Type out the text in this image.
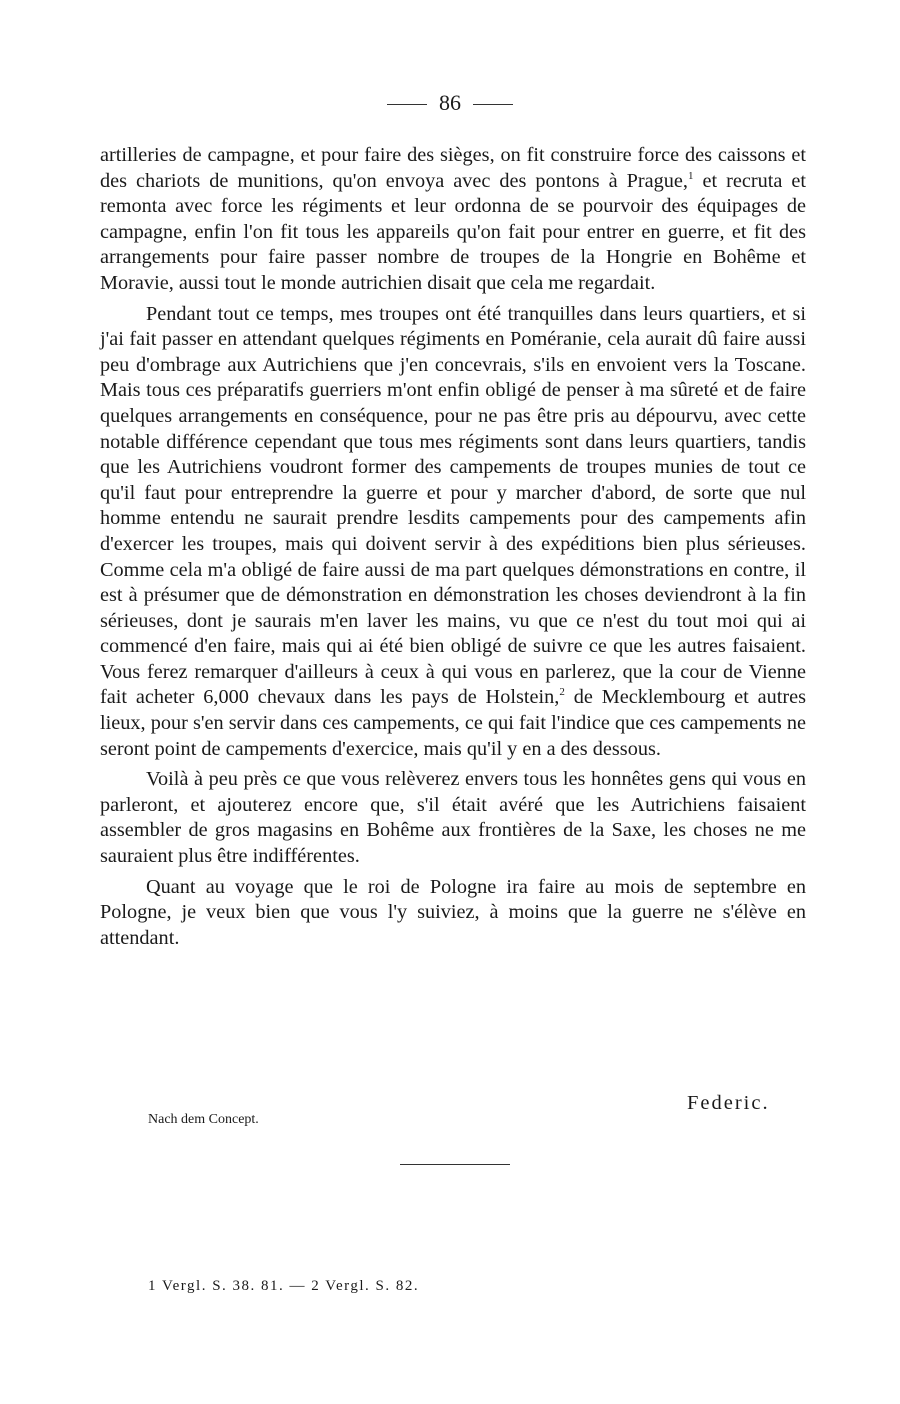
86

artilleries de campagne, et pour faire des sièges, on fit construire force des caissons et des chariots de munitions, qu'on envoya avec des pontons à Prague,$^1$ et recruta et remonta avec force les régiments et leur ordonna de se pourvoir des équipages de campagne, enfin l'on fit tous les appareils qu'on fait pour entrer en guerre, et fit des arrangements pour faire passer nombre de troupes de la Hongrie en Bohême et Moravie, aussi tout le monde autrichien disait que cela me regardait.

Pendant tout ce temps, mes troupes ont été tranquilles dans leurs quartiers, et si j'ai fait passer en attendant quelques régiments en Poméranie, cela aurait dû faire aussi peu d'ombrage aux Autrichiens que j'en concevrais, s'ils en envoient vers la Toscane. Mais tous ces préparatifs guerriers m'ont enfin obligé de penser à ma sûreté et de faire quelques arrangements en conséquence, pour ne pas être pris au dépourvu, avec cette notable différence cependant que tous mes régiments sont dans leurs quartiers, tandis que les Autrichiens voudront former des campements de troupes munies de tout ce qu'il faut pour entreprendre la guerre et pour y marcher d'abord, de sorte que nul homme entendu ne saurait prendre lesdits campements pour des campements afin d'exercer les troupes, mais qui doivent servir à des expéditions bien plus sérieuses. Comme cela m'a obligé de faire aussi de ma part quelques démonstrations en contre, il est à présumer que de démonstration en démonstration les choses deviendront à la fin sérieuses, dont je saurais m'en laver les mains, vu que ce n'est du tout moi qui ai commencé d'en faire, mais qui ai été bien obligé de suivre ce que les autres faisaient. Vous ferez remarquer d'ailleurs à ceux à qui vous en parlerez, que la cour de Vienne fait acheter 6,000 chevaux dans les pays de Holstein,$^2$ de Mecklembourg et autres lieux, pour s'en servir dans ces campements, ce qui fait l'indice que ces campements ne seront point de campements d'exercice, mais qu'il y en a des dessous.

Voilà à peu près ce que vous relèverez envers tous les honnêtes gens qui vous en parleront, et ajouterez encore que, s'il était avéré que les Autrichiens faisaient assembler de gros magasins en Bohême aux frontières de la Saxe, les choses ne me sauraient plus être indifférentes.

Quant au voyage que le roi de Pologne ira faire au mois de septembre en Pologne, je veux bien que vous l'y suiviez, à moins que la guerre ne s'élève en attendant.

Federic.
Nach dem Concept.
1 Vergl. S. 38. 81. — 2 Vergl. S. 82.
